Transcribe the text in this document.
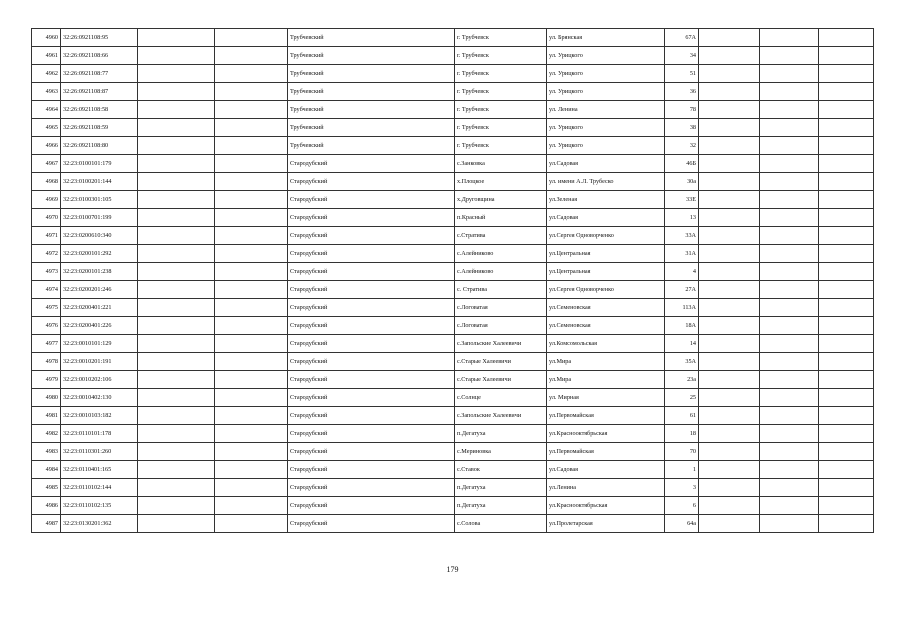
4960	32:26:0921108:95			Трубчевский	г. Трубчевск	ул. Брянская	67А			
4961	32:26:0921108:66			Трубчевский	г. Трубчевск	ул. Урицкого	34			
4962	32:26:0921108:77			Трубчевский	г. Трубчевск	ул. Урицкого	51			
4963	32:26:0921108:87			Трубчевский	г. Трубчевск	ул. Урицкого	36			
4964	32:26:0921108:58			Трубчевский	г. Трубчевск	ул. Ленина	78			
4965	32:26:0921108:59			Трубчевский	г. Трубчевск	ул. Урицкого	38			
4966	32:26:0921108:80			Трубчевский	г. Трубчевск	ул. Урицкого	32			
4967	32:23:0100101:179			Стародубский	с.Занковка	ул.Садовая	46Б			
4968	32:23:0100201:144			Стародубский	х.Плоцкое	ул. имени А.Л. Трубеско	30а			
4969	32:23:0100301:105			Стародубский	х.Друговщина	ул.Зеленая	33Е			
4970	32:23:0100701:199			Стародубский	п.Красный	ул.Садовая	13			
4971	32:23:0200610:340			Стародубский	с.Стратива	ул.Сергея Одноворченко	33А			
4972	32:23:0200101:292			Стародубский	с.Алейниково	ул.Центральная	31А			
4973	32:23:0200101:238			Стародубский	с.Алейниково	ул.Центральная	4			
4974	32:23:0200201:246			Стародубский	с. Стратива	ул.Сергея Одноворченко	27А			
4975	32:23:0200401:221			Стародубский	с.Логоватая	ул.Семеновская	113А			
4976	32:23:0200401:226			Стародубский	с.Логоватая	ул.Семеновская	18А			
4977	32:23:0010101:129			Стародубский	с.Запольские Халеевичи	ул.Комсомольская	14			
4978	32:23:0010201:191			Стародубский	с.Старые Халеевичи	ул.Мира	35А			
4979	32:23:0010202:106			Стародубский	с.Старые Халеевичи	ул.Мира	23а			
4980	32:23:0010402:130			Стародубский	с.Солнце	ул. Мирная	25			
4981	32:23:0010103:182			Стародубский	с.Запольские Халеевичи	ул.Первомайская	61			
4982	32:23:0110101:178			Стародубский	п.Дегатуха	ул.Краснооктябрьская	18			
4983	32:23:0110301:260			Стародубский	с.Мериновка	ул.Первомайская	70			
4984	32:23:0110401:165			Стародубский	с.Ставок	ул.Садовая	1			
4985	32:23:0110102:144			Стародубский	п.Дегатуха	ул.Ленина	3			
4986	32:23:0110102:135			Стародубский	п.Дегатуха	ул.Краснооктябрьская	6			
4987	32:23:0130201:362			Стародубский	с.Солова	ул.Пролетарская	64а			
179
